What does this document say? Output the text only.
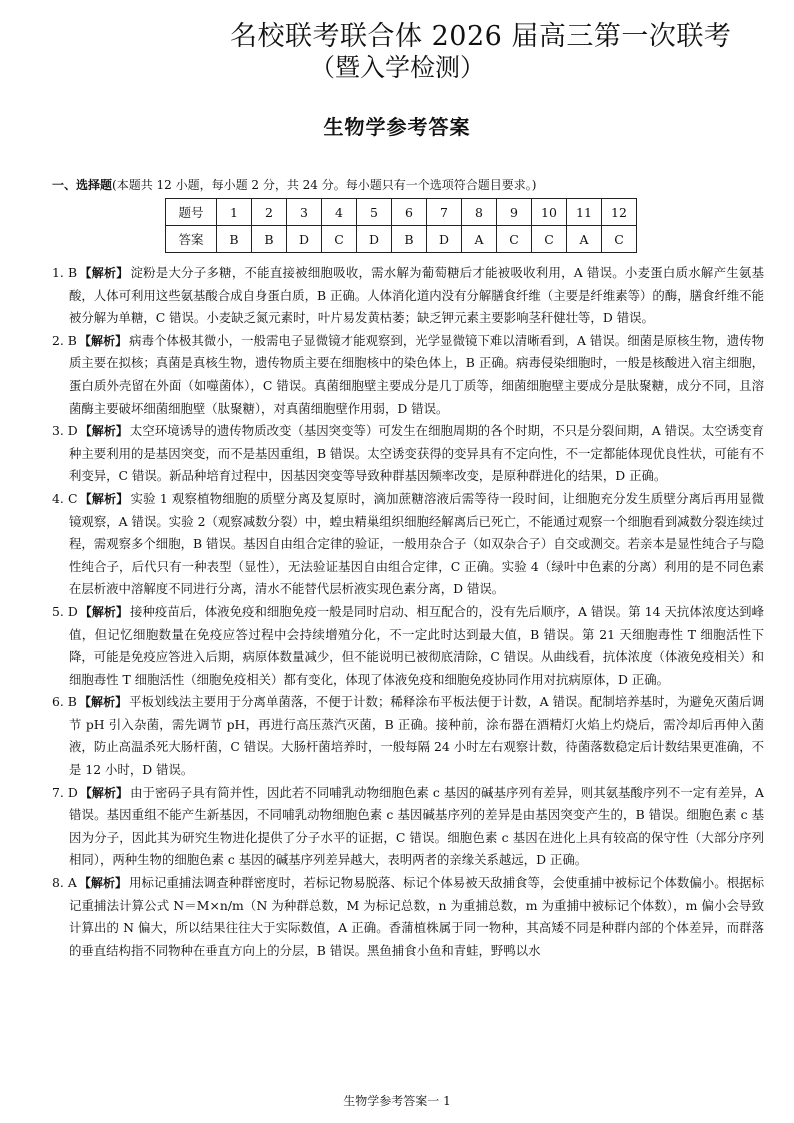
名校联考联合体 2026 届高三第一次联考
（暨入学检测）
生物学参考答案
一、选择题(本题共 12 小题，每小题 2 分，共 24 分。每小题只有一个选项符合题目要求。)
题号	1	2	3	4	5	6	7	8	9	10	11	12
答案	B	B	D	C	D	B	D	A	C	C	A	C
1. B 【解析】 淀粉是大分子多糖，不能直接被细胞吸收，需水解为葡萄糖后才能被吸收利用，A 错误。小麦蛋白质水解产生氨基酸，人体可利用这些氨基酸合成自身蛋白质，B 正确。人体消化道内没有分解膳食纤维（主要是纤维素等）的酶，膳食纤维不能被分解为单糖，C 错误。小麦缺乏氮元素时，叶片易发黄枯萎；缺乏钾元素主要影响茎秆健壮等，D 错误。
2. B 【解析】 病毒个体极其微小，一般需电子显微镜才能观察到，光学显微镜下难以清晰看到，A 错误。细菌是原核生物，遗传物质主要在拟核；真菌是真核生物，遗传物质主要在细胞核中的染色体上，B 正确。病毒侵染细胞时，一般是核酸进入宿主细胞，蛋白质外壳留在外面（如噬菌体），C 错误。真菌细胞壁主要成分是几丁质等，细菌细胞壁主要成分是肽聚糖，成分不同，且溶菌酶主要破坏细菌细胞壁（肽聚糖），对真菌细胞壁作用弱，D 错误。
3. D 【解析】 太空环境诱导的遗传物质改变（基因突变等）可发生在细胞周期的各个时期，不只是分裂间期，A 错误。太空诱变育种主要利用的是基因突变，而不是基因重组，B 错误。太空诱变获得的变异具有不定向性，不一定都能体现优良性状，可能有不利变异，C 错误。新品种培育过程中，因基因突变等导致种群基因频率改变，是原种群进化的结果，D 正确。
4. C 【解析】 实验 1 观察植物细胞的质壁分离及复原时，滴加蔗糖溶液后需等待一段时间，让细胞充分发生质壁分离后再用显微镜观察，A 错误。实验 2（观察减数分裂）中，蝗虫精巢组织细胞经解离后已死亡，不能通过观察一个细胞看到减数分裂连续过程，需观察多个细胞，B 错误。基因自由组合定律的验证，一般用杂合子（如双杂合子）自交或测交。若亲本是显性纯合子与隐性纯合子，后代只有一种表型（显性），无法验证基因自由组合定律，C 正确。实验 4（绿叶中色素的分离）利用的是不同色素在层析液中溶解度不同进行分离，清水不能替代层析液实现色素分离，D 错误。
5. D 【解析】 接种疫苗后，体液免疫和细胞免疫一般是同时启动、相互配合的，没有先后顺序，A 错误。第 14 天抗体浓度达到峰值，但记忆细胞数量在免疫应答过程中会持续增殖分化，不一定此时达到最大值，B 错误。第 21 天细胞毒性 T 细胞活性下降，可能是免疫应答进入后期，病原体数量减少，但不能说明已被彻底清除，C 错误。从曲线看，抗体浓度（体液免疫相关）和细胞毒性 T 细胞活性（细胞免疫相关）都有变化，体现了体液免疫和细胞免疫协同作用对抗病原体，D 正确。
6. B 【解析】 平板划线法主要用于分离单菌落，不便于计数；稀释涂布平板法便于计数，A 错误。配制培养基时，为避免灭菌后调节 pH 引入杂菌，需先调节 pH，再进行高压蒸汽灭菌，B 正确。接种前，涂布器在酒精灯火焰上灼烧后，需冷却后再伸入菌液，防止高温杀死大肠杆菌，C 错误。大肠杆菌培养时，一般每隔 24 小时左右观察计数，待菌落数稳定后计数结果更准确，不是 12 小时，D 错误。
7. D 【解析】 由于密码子具有简并性，因此若不同哺乳动物细胞色素 c 基因的碱基序列有差异，则其氨基酸序列不一定有差异，A 错误。基因重组不能产生新基因，不同哺乳动物细胞色素 c 基因碱基序列的差异是由基因突变产生的，B 错误。细胞色素 c 基因为分子，因此其为研究生物进化提供了分子水平的证据，C 错误。细胞色素 c 基因在进化上具有较高的保守性（大部分序列相同），两种生物的细胞色素 c 基因的碱基序列差异越大，表明两者的亲缘关系越远，D 正确。
8. A 【解析】 用标记重捕法调查种群密度时，若标记物易脱落、标记个体易被天敌捕食等，会使重捕中被标记个体数偏小。根据标记重捕法计算公式 N＝M×n/m（N 为种群总数，M 为标记总数，n 为重捕总数，m 为重捕中被标记个体数），m 偏小会导致计算出的 N 偏大，所以结果往往大于实际数值，A 正确。香蒲植株属于同一物种，其高矮不同是种群内部的个体差异，而群落的垂直结构指不同物种在垂直方向上的分层，B 错误。黑鱼捕食小鱼和青蛙，野鸭以水
生物学参考答案一 1
